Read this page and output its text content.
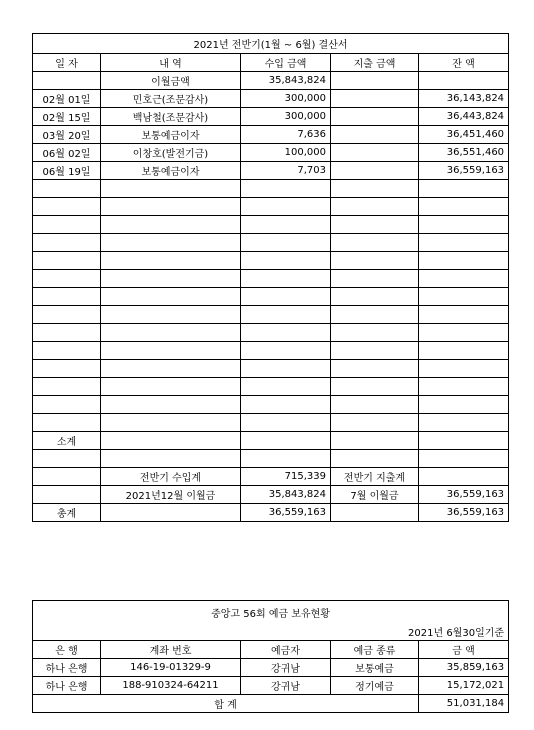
2021년 전반기(1월 ~ 6월) 결산서				
일 자	내 역	수입 금액	지출 금액	잔 액
	이월금액	35,843,824		
02월 01일	민호근(조문감사)	300,000		36,143,824
02월 15일	백남철(조문감사)	300,000		36,443,824
03월 20일	보통예금이자	7,636		36,451,460
06월 02일	이창호(발전기금)	100,000		36,551,460
06월 19일	보통예금이자	7,703		36,559,163

소계				

	전반기 수입계	715,339	전반기 지출계	
	2021년12월 이월금	35,843,824	7월 이월금	36,559,163
총계		36,559,163		36,559,163
중앙고 56회 예금 보유현황				
2021년 6월30일기준				
은 행	계좌 번호	예금자	예금 종류	금 액
하나 은행	146-19-01329-9	강귀남	보통예금	35,859,163
하나 은행	188-910324-64211	강귀남	정기예금	15,172,021
합 계				51,031,184
